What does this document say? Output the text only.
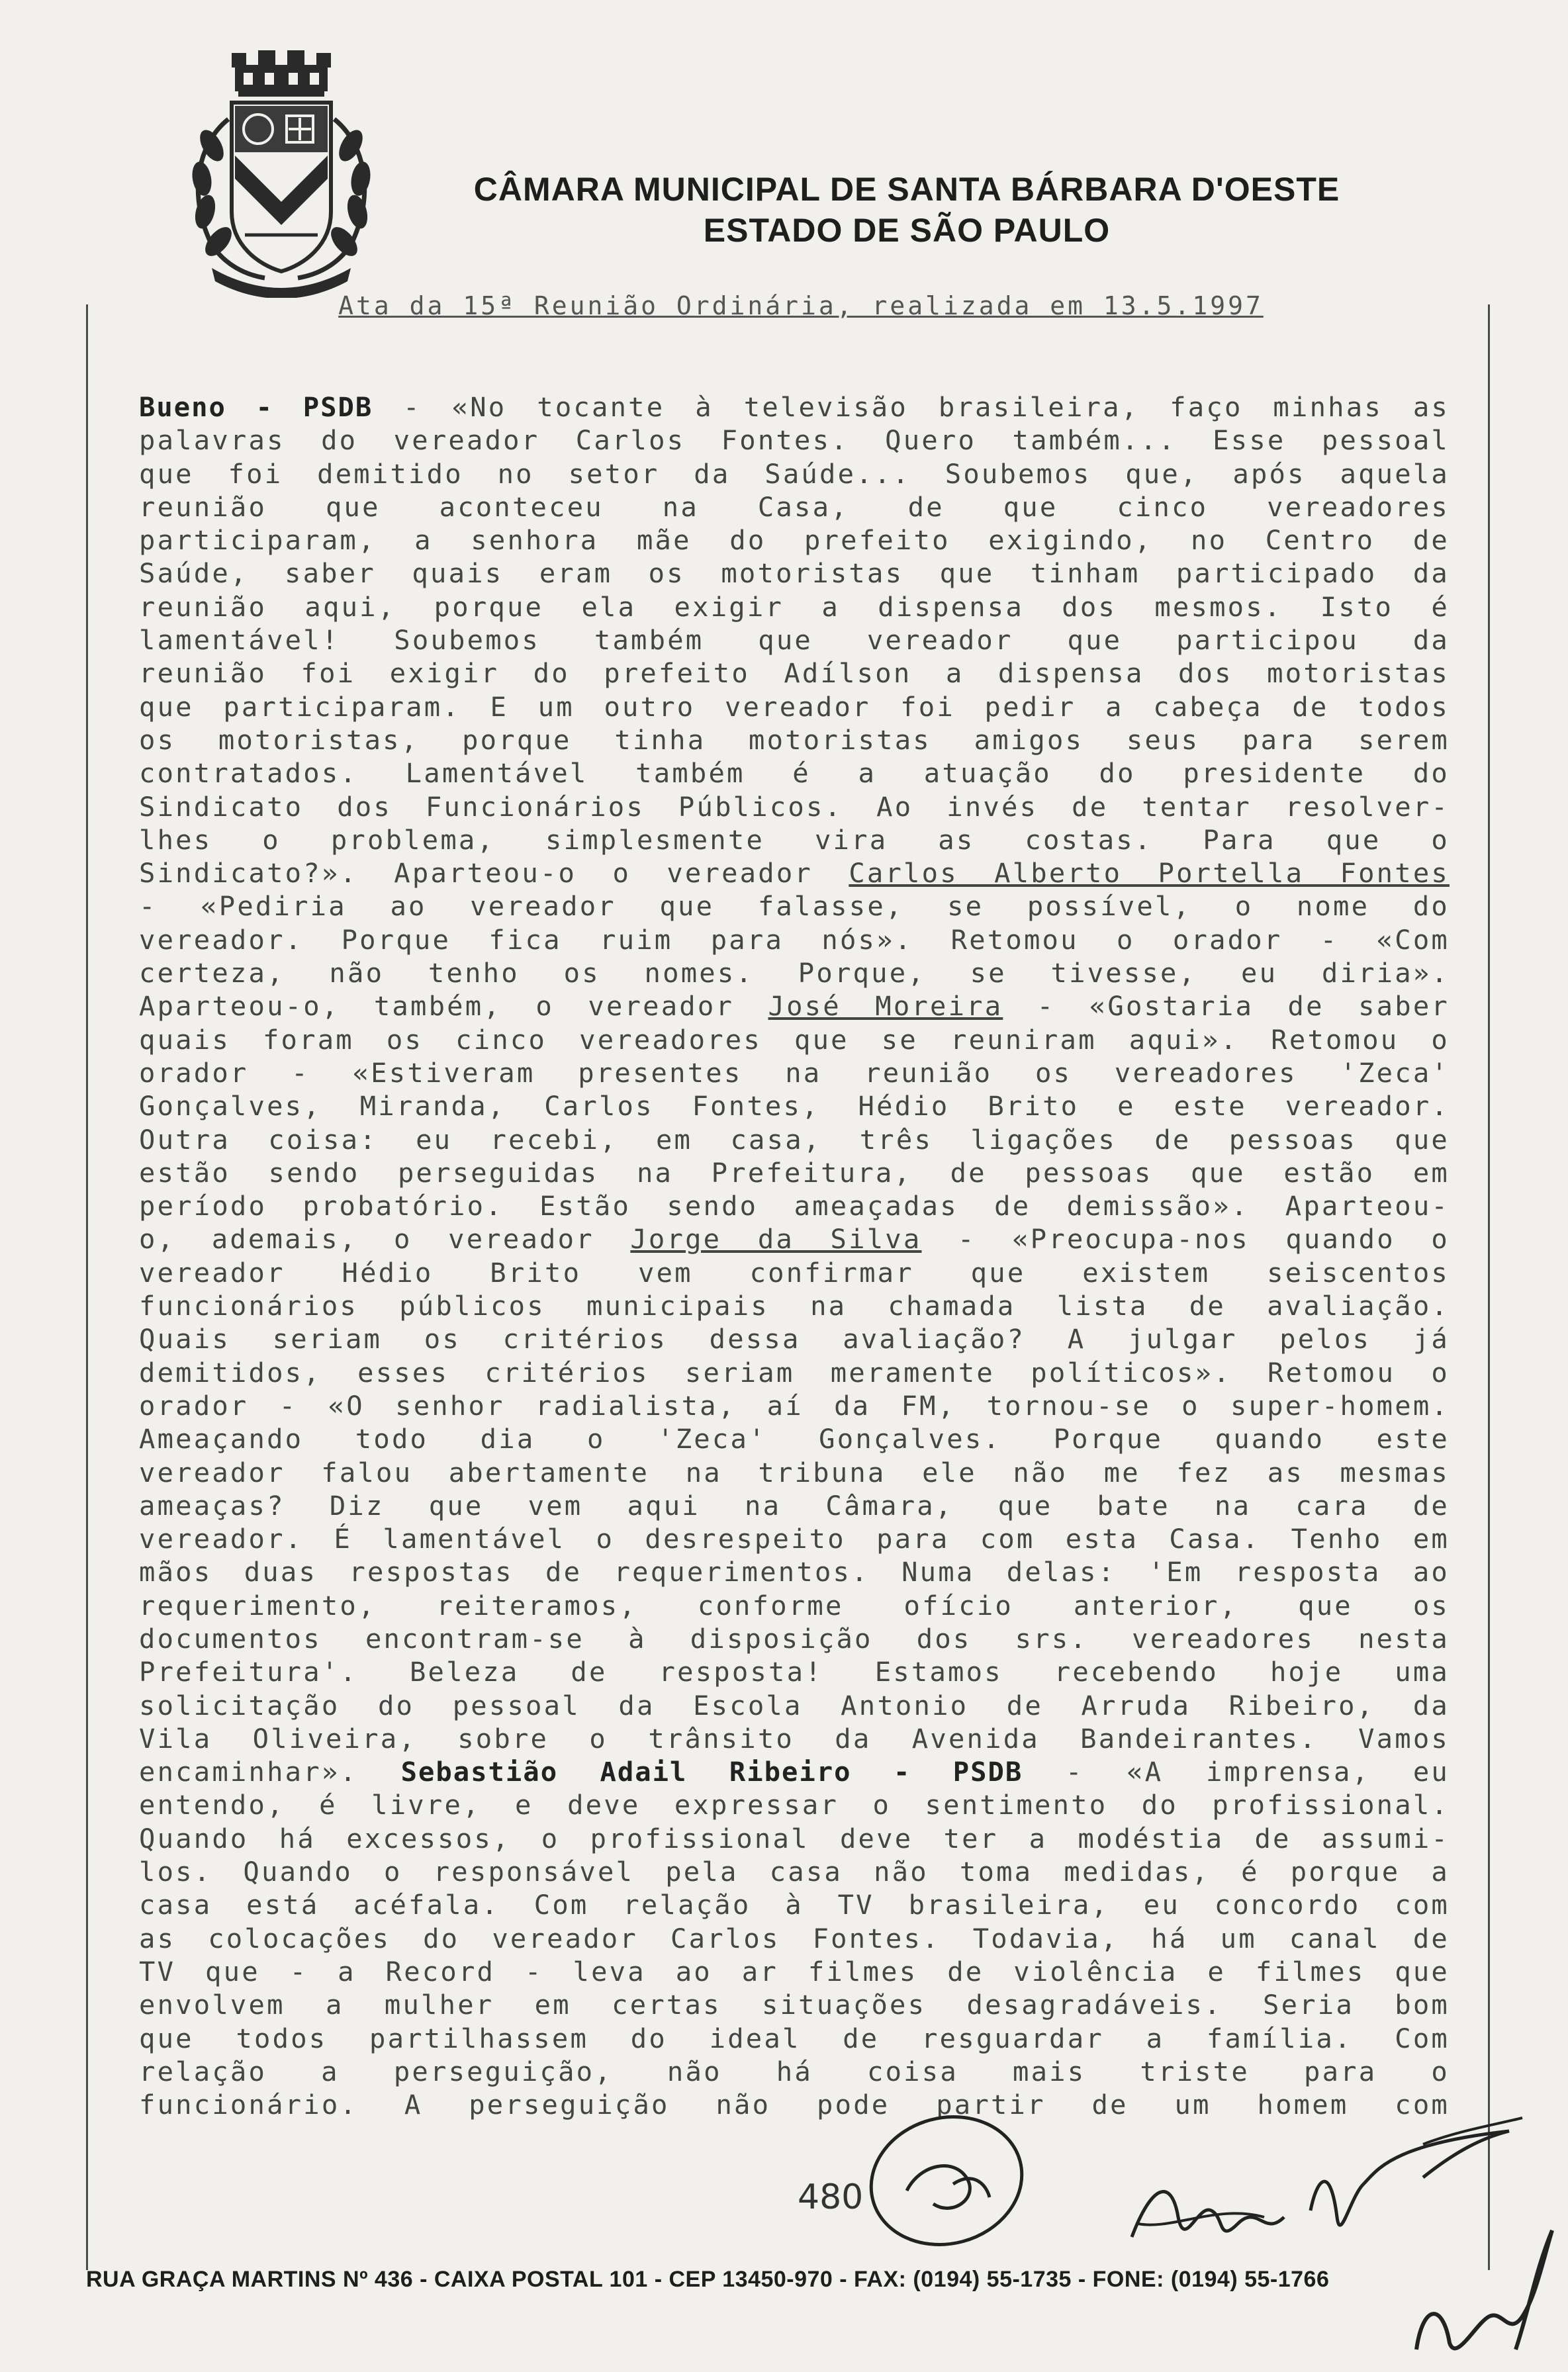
CÂMARA MUNICIPAL DE SANTA BÁRBARA D'OESTE
ESTADO DE SÃO PAULO
Ata da 15ª Reunião Ordinária, realizada em 13.5.1997
Bueno - PSDB - «No tocante à televisão brasileira, faço minhas as
palavras do vereador Carlos Fontes. Quero também... Esse pessoal
que foi demitido no setor da Saúde... Soubemos que, após aquela
reunião que aconteceu na Casa, de que cinco vereadores
participaram, a senhora mãe do prefeito exigindo, no Centro de
Saúde, saber quais eram os motoristas que tinham participado da
reunião aqui, porque ela exigir a dispensa dos mesmos. Isto é
lamentável! Soubemos também que vereador que participou da
reunião foi exigir do prefeito Adílson a dispensa dos motoristas
que participaram. E um outro vereador foi pedir a cabeça de todos
os motoristas, porque tinha motoristas amigos seus para serem
contratados. Lamentável também é a atuação do presidente do
Sindicato dos Funcionários Públicos. Ao invés de tentar resolver-
lhes o problema, simplesmente vira as costas. Para que o
Sindicato?». Aparteou-o o vereador Carlos Alberto Portella Fontes
- «Pediria ao vereador que falasse, se possível, o nome do
vereador. Porque fica ruim para nós». Retomou o orador - «Com
certeza, não tenho os nomes. Porque, se tivesse, eu diria».
Aparteou-o, também, o vereador José Moreira - «Gostaria de saber
quais foram os cinco vereadores que se reuniram aqui». Retomou o
orador - «Estiveram presentes na reunião os vereadores 'Zeca'
Gonçalves, Miranda, Carlos Fontes, Hédio Brito e este vereador.
Outra coisa: eu recebi, em casa, três ligações de pessoas que
estão sendo perseguidas na Prefeitura, de pessoas que estão em
período probatório. Estão sendo ameaçadas de demissão». Aparteou-
o, ademais, o vereador Jorge da Silva - «Preocupa-nos quando o
vereador Hédio Brito vem confirmar que existem seiscentos
funcionários públicos municipais na chamada lista de avaliação.
Quais seriam os critérios dessa avaliação? A julgar pelos já
demitidos, esses critérios seriam meramente políticos». Retomou o
orador - «O senhor radialista, aí da FM, tornou-se o super-homem.
Ameaçando todo dia o 'Zeca' Gonçalves. Porque quando este
vereador falou abertamente na tribuna ele não me fez as mesmas
ameaças? Diz que vem aqui na Câmara, que bate na cara de
vereador. É lamentável o desrespeito para com esta Casa. Tenho em
mãos duas respostas de requerimentos. Numa delas: 'Em resposta ao
requerimento, reiteramos, conforme ofício anterior, que os
documentos encontram-se à disposição dos srs. vereadores nesta
Prefeitura'. Beleza de resposta! Estamos recebendo hoje uma
solicitação do pessoal da Escola Antonio de Arruda Ribeiro, da
Vila Oliveira, sobre o trânsito da Avenida Bandeirantes. Vamos
encaminhar». Sebastião Adail Ribeiro - PSDB - «A imprensa, eu
entendo, é livre, e deve expressar o sentimento do profissional.
Quando há excessos, o profissional deve ter a modéstia de assumi-
los. Quando o responsável pela casa não toma medidas, é porque a
casa está acéfala. Com relação à TV brasileira, eu concordo com
as colocações do vereador Carlos Fontes. Todavia, há um canal de
TV que - a Record - leva ao ar filmes de violência e filmes que
envolvem a mulher em certas situações desagradáveis. Seria bom
que todos partilhassem do ideal de resguardar a família. Com
relação a perseguição, não há coisa mais triste para o
funcionário. A perseguição não pode partir de um homem com
480
RUA GRAÇA MARTINS Nº 436 - CAIXA POSTAL 101 - CEP 13450-970 - FAX: (0194) 55-1735 - FONE: (0194) 55-1766
